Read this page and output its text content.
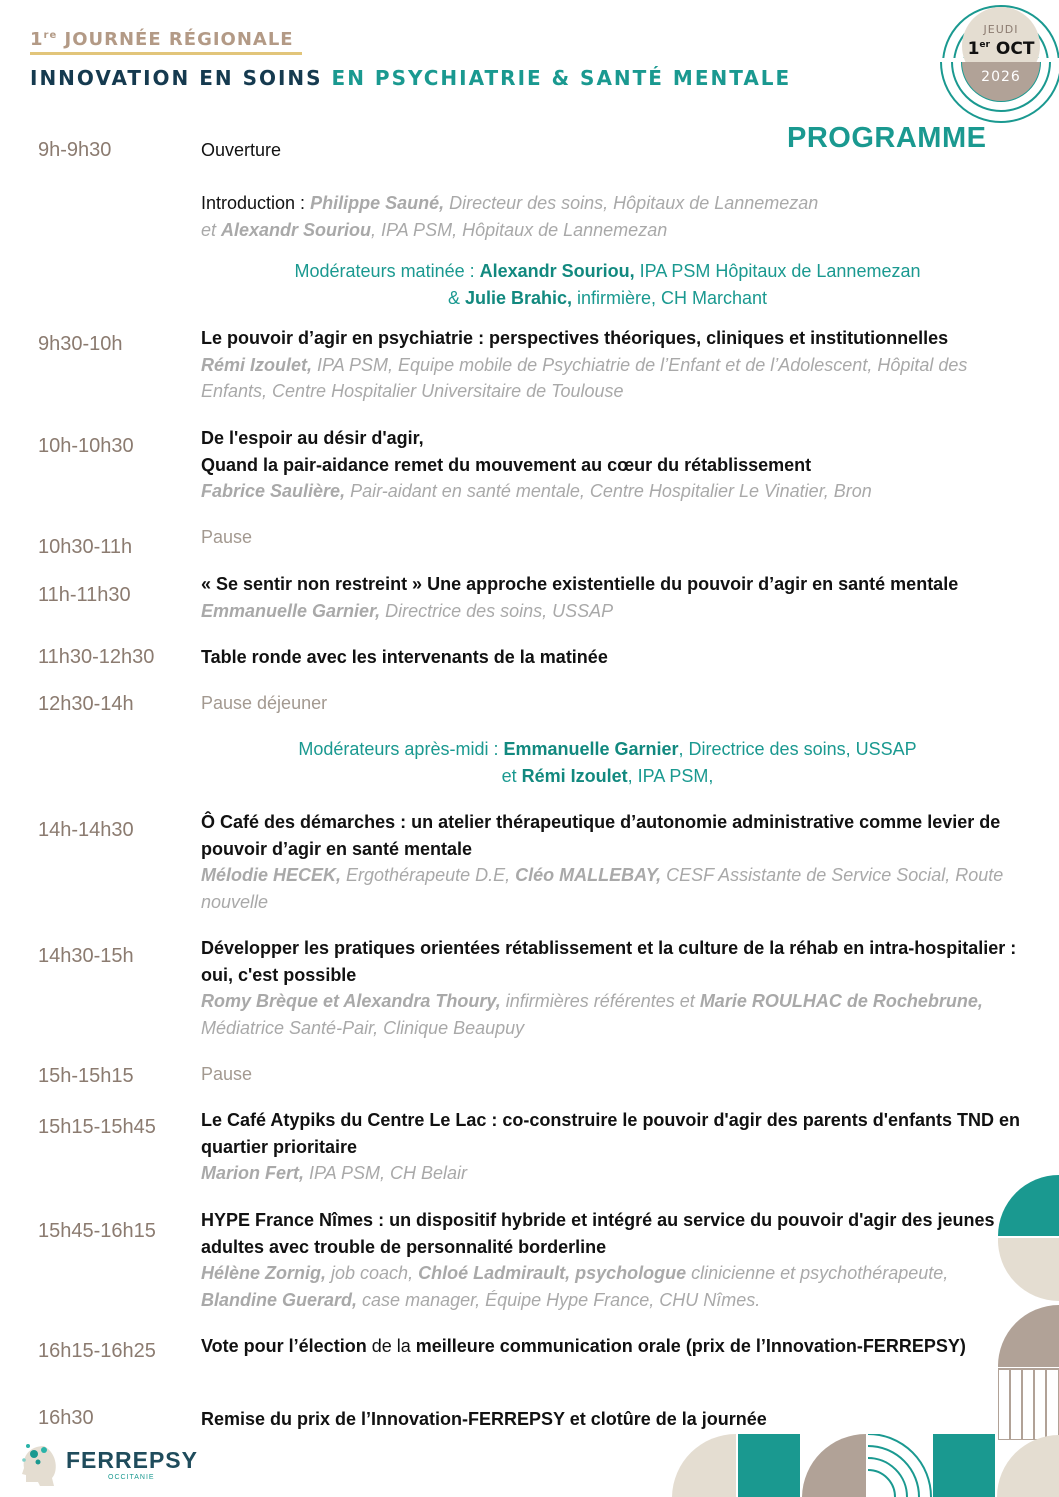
1re JOURNÉE RÉGIONALE
INNOVATION EN SOINS EN PSYCHIATRIE & SANTÉ MENTALE
JEUDI
1er OCT
2026
PROGRAMME
9h-9h30	Ouverture
Introduction : Philippe Sauné, Directeur des soins, Hôpitaux de Lannemezan
et Alexandr Souriou, IPA PSM, Hôpitaux de Lannemezan
Modérateurs matinée : Alexandr Souriou, IPA PSM Hôpitaux de Lannemezan
& Julie Brahic, infirmière, CH Marchant
9h30-10h	Le pouvoir d’agir en psychiatrie : perspectives théoriques, cliniques et institutionnelles
Rémi Izoulet, IPA PSM, Equipe mobile de Psychiatrie de l’Enfant et de l’Adolescent, Hôpital des Enfants, Centre Hospitalier Universitaire de Toulouse
10h-10h30	De l'espoir au désir d'agir,
Quand la pair-aidance remet du mouvement au cœur du rétablissement
Fabrice Saulière, Pair-aidant en santé mentale, Centre Hospitalier Le Vinatier, Bron
10h30-11h	Pause
11h-11h30	« Se sentir non restreint » Une approche existentielle du pouvoir d’agir en santé mentale
Emmanuelle Garnier, Directrice des soins, USSAP
11h30-12h30	Table ronde avec les intervenants de la matinée
12h30-14h	Pause déjeuner
Modérateurs après-midi : Emmanuelle Garnier, Directrice des soins, USSAP
et Rémi Izoulet, IPA PSM,
14h-14h30	Ô Café des démarches : un atelier thérapeutique d’autonomie administrative comme levier de pouvoir d’agir en santé mentale
Mélodie HECEK, Ergothérapeute D.E, Cléo MALLEBAY, CESF Assistante de Service Social, Route nouvelle
14h30-15h	Développer les pratiques orientées rétablissement et la culture de la réhab en intra-hospitalier : oui, c'est possible
Romy Brèque et Alexandra Thoury, infirmières référentes et Marie ROULHAC de Rochebrune, Médiatrice Santé-Pair, Clinique Beaupuy
15h-15h15	Pause
15h15-15h45	Le Café Atypiks du Centre Le Lac : co-construire le pouvoir d'agir des parents d'enfants TND en quartier prioritaire
Marion Fert, IPA PSM, CH Belair
15h45-16h15	HYPE France Nîmes : un dispositif hybride et intégré au service du pouvoir d'agir des jeunes adultes avec trouble de personnalité borderline
Hélène Zornig, job coach, Chloé Ladmirault, psychologue clinicienne et psychothérapeute, Blandine Guerard, case manager, Équipe Hype France, CHU Nîmes.
16h15-16h25	Vote pour l’élection de la meilleure communication orale (prix de l’Innovation-FERREPSY)
16h30	Remise du prix de l’Innovation-FERREPSY et clotûre de la journée
FERREPSY
OCCITANIE
